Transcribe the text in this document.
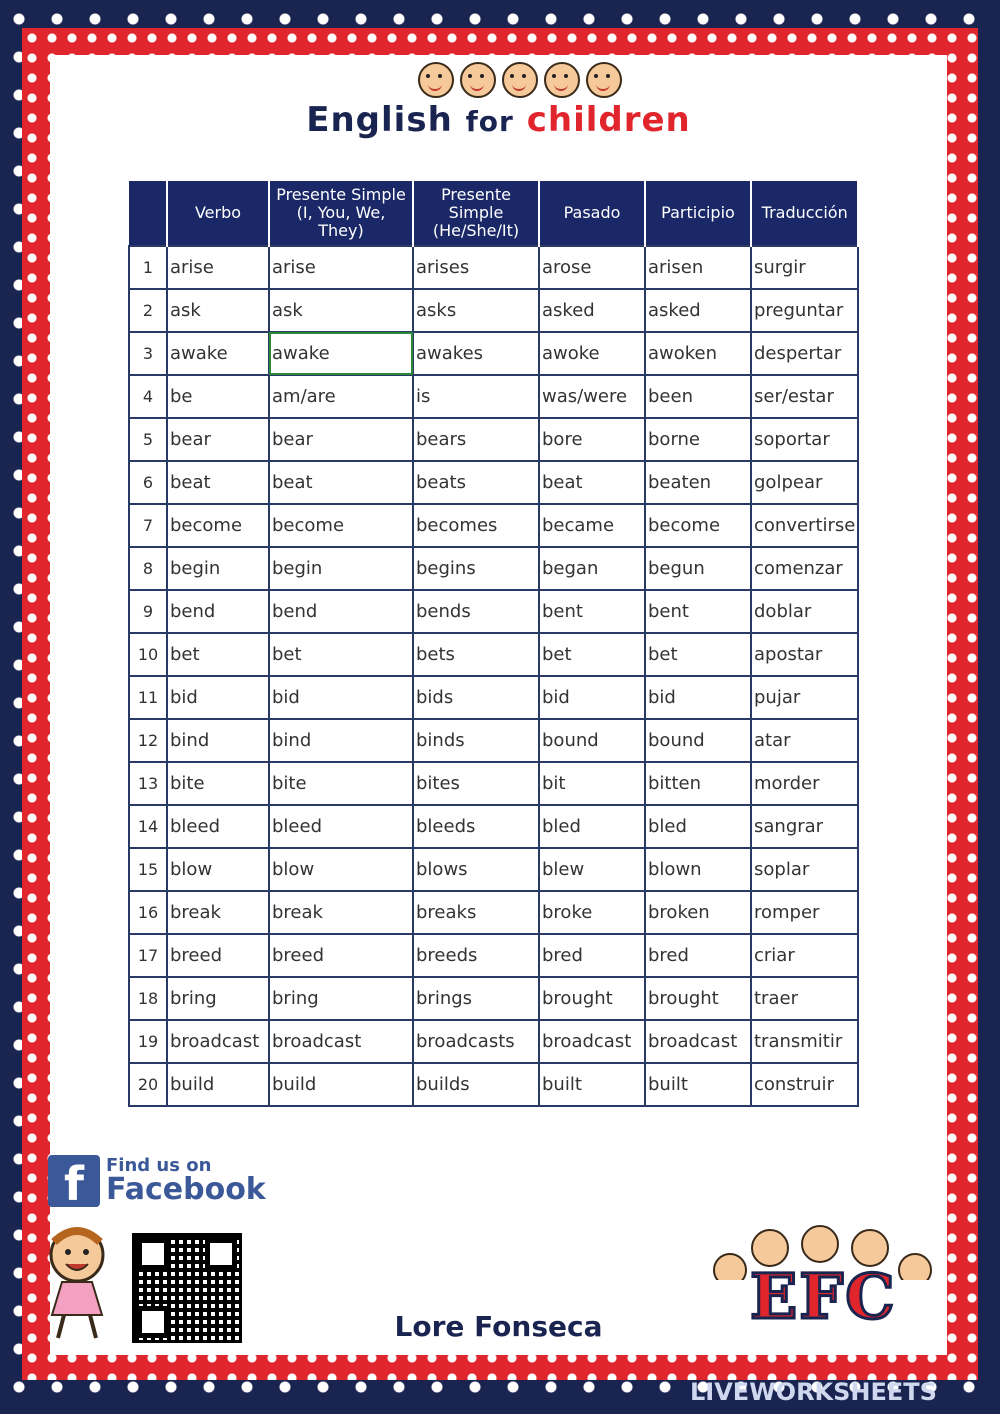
English for children
	Verbo	Presente Simple (I, You, We, They)	Presente Simple (He/She/It)	Pasado	Participio	Traducción
1	arise	arise	arises	arose	arisen	surgir
2	ask	ask	asks	asked	asked	preguntar
3	awake	awake	awakes	awoke	awoken	despertar
4	be	am/are	is	was/were	been	ser/estar
5	bear	bear	bears	bore	borne	soportar
6	beat	beat	beats	beat	beaten	golpear
7	become	become	becomes	became	become	convertirse
8	begin	begin	begins	began	begun	comenzar
9	bend	bend	bends	bent	bent	doblar
10	bet	bet	bets	bet	bet	apostar
11	bid	bid	bids	bid	bid	pujar
12	bind	bind	binds	bound	bound	atar
13	bite	bite	bites	bit	bitten	morder
14	bleed	bleed	bleeds	bled	bled	sangrar
15	blow	blow	blows	blew	blown	soplar
16	break	break	breaks	broke	broken	romper
17	breed	breed	breeds	bred	bred	criar
18	bring	bring	brings	brought	brought	traer
19	broadcast	broadcast	broadcasts	broadcast	broadcast	transmitir
20	build	build	builds	built	built	construir
f	Find us on
Facebook
Lore Fonseca	EFC
LIVEWORKSHEETS
